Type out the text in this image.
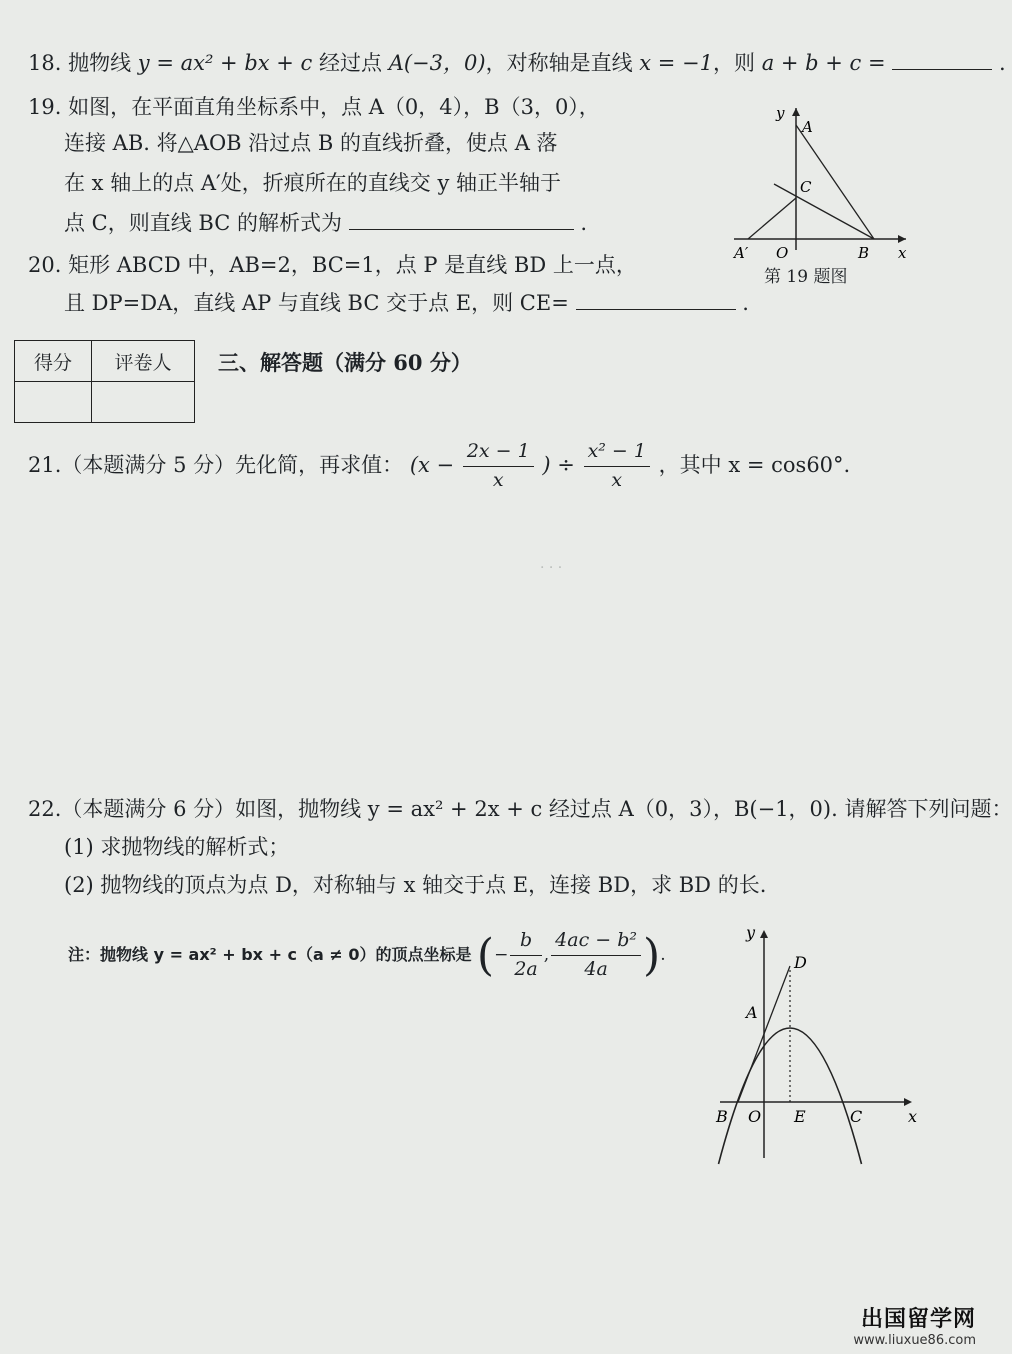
18. 抛物线 y = ax² + bx + c 经过点 A(−3，0)，对称轴是直线 x = −1，则 a + b + c =	.
19. 如图，在平面直角坐标系中，点 A（0，4），B（3，0），
连接 AB. 将△AOB 沿过点 B 的直线折叠，使点 A 落
在 x 轴上的点 A′处，折痕所在的直线交 y 轴正半轴于
点 C，则直线 BC 的解析式为	.
y
A
C
A′ O	B x
第 19 题图
20. 矩形 ABCD 中，AB=2，BC=1，点 P 是直线 BD 上一点，
且 DP=DA，直线 AP 与直线 BC 交于点 E，则 CE=	.
得分	评卷人
	三、解答题（满分 60 分）
21.（本题满分 5 分）先化简，再求值： ($x - \frac{2x - 1}{x}$ ) ÷ $\frac{\text{x² − 1}}{x}$ ，其中 x = cos60°.
· · ·
22.（本题满分 6 分）如图，抛物线 y = ax² + 2x + c 经过点 A（0，3），B(−1，0). 请解答下列问题：
(1) 求抛物线的解析式；
(2) 抛物线的顶点为点 D，对称轴与 x 轴交于点 E，连接 BD，求 BD 的长.
注：抛物线 y = ax² + bx + c（a ≠ 0）的顶点坐标是 (− $\frac{b}{2a}$ , $\frac{\text{4ac − b²}}{4a}$ ).
y
D
A
B O E	C	x
出国留学网
www.liuxue86.com
